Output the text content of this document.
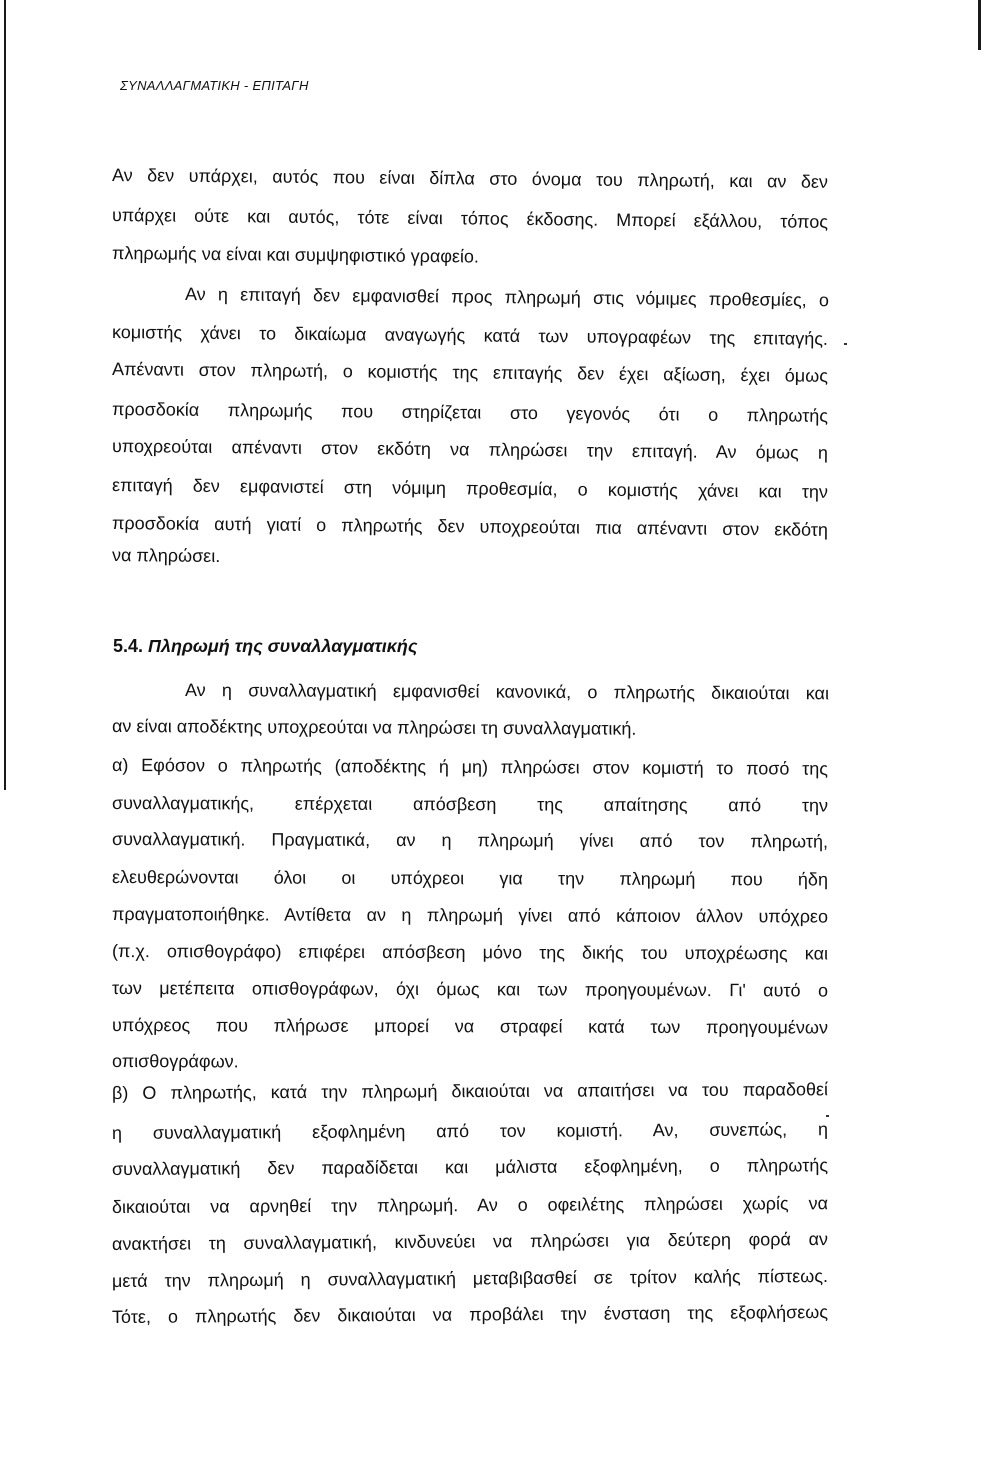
ΣΥΝΑΛΛΑΓΜΑΤΙΚΗ - ΕΠΙΤΑΓΗ
Αν δεν υπάρχει, αυτός που είναι δίπλα στο όνομα του πληρωτή, και αν δεν
υπάρχει ούτε και αυτός, τότε είναι τόπος έκδοσης. Μπορεί εξάλλου, τόπος
πληρωμής να είναι και συμψηφιστικό γραφείο.
Αν η επιταγή δεν εμφανισθεί προς πληρωμή στις νόμιμες προθεσμίες, ο
κομιστής χάνει το δικαίωμα αναγωγής κατά των υπογραφέων της επιταγής.
Απέναντι στον πληρωτή, ο κομιστής της επιταγής δεν έχει αξίωση, έχει όμως
προσδοκία πληρωμής που στηρίζεται στο γεγονός ότι ο πληρωτής
υποχρεούται απέναντι στον εκδότη να πληρώσει την επιταγή. Αν όμως η
επιταγή δεν εμφανιστεί στη νόμιμη προθεσμία, ο κομιστής χάνει και την
προσδοκία αυτή γιατί ο πληρωτής δεν υποχρεούται πια απέναντι στον εκδότη
να πληρώσει.
5.4. Πληρωμή της συναλλαγματικής
Αν η συναλλαγματική εμφανισθεί κανονικά, ο πληρωτής δικαιούται και
αν είναι αποδέκτης υποχρεούται να πληρώσει τη συναλλαγματική.
α) Εφόσον ο πληρωτής (αποδέκτης ή μη) πληρώσει στον κομιστή το ποσό της
συναλλαγματικής, επέρχεται απόσβεση της απαίτησης από την
συναλλαγματική. Πραγματικά, αν η πληρωμή γίνει από τον πληρωτή,
ελευθερώνονται όλοι οι υπόχρεοι για την πληρωμή που ήδη
πραγματοποιήθηκε. Αντίθετα αν η πληρωμή γίνει από κάποιον άλλον υπόχρεο
(π.χ. οπισθογράφο) επιφέρει απόσβεση μόνο της δικής του υποχρέωσης και
των μετέπειτα οπισθογράφων, όχι όμως και των προηγουμένων. Γι' αυτό ο
υπόχρεος που πλήρωσε μπορεί να στραφεί κατά των προηγουμένων
οπισθογράφων.
β) Ο πληρωτής, κατά την πληρωμή δικαιούται να απαιτήσει να του παραδοθεί
η συναλλαγματική εξοφλημένη από τον κομιστή. Αν, συνεπώς, η
συναλλαγματική δεν παραδίδεται και μάλιστα εξοφλημένη, ο πληρωτής
δικαιούται να αρνηθεί την πληρωμή. Αν ο οφειλέτης πληρώσει χωρίς να
ανακτήσει τη συναλλαγματική, κινδυνεύει να πληρώσει για δεύτερη φορά αν
μετά την πληρωμή η συναλλαγματική μεταβιβασθεί σε τρίτον καλής πίστεως.
Τότε, ο πληρωτής δεν δικαιούται να προβάλει την ένσταση της εξοφλήσεως
